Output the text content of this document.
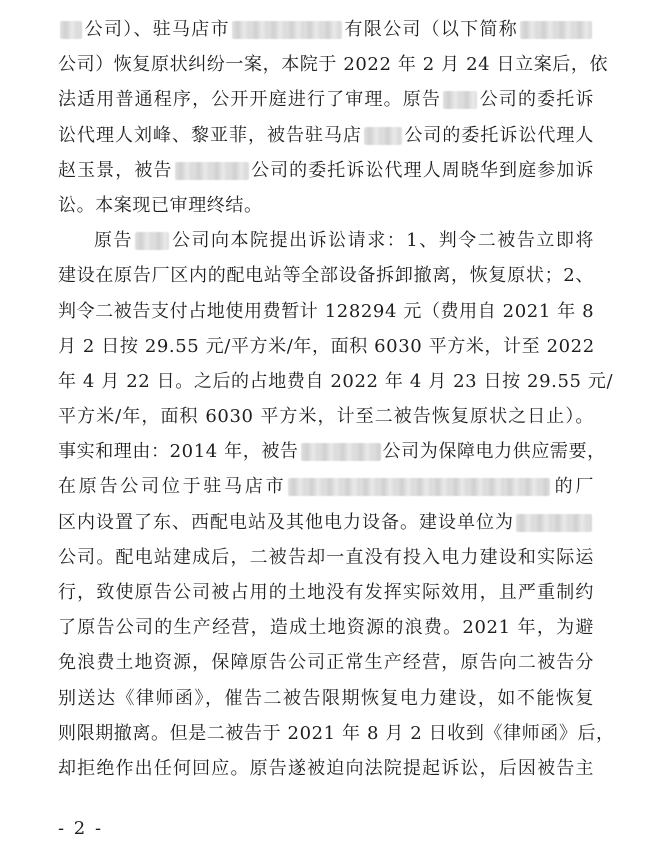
公司）、驻马店市	有限公司（以下简称
公司）恢复原状纠纷一案，本院于 2022 年 2 月 24 日立案后，依
法适用普通程序，公开开庭进行了审理。原告 公司的委托诉
讼代理人刘峰、黎亚菲，被告驻马店 公司的委托诉讼代理人
赵玉景，被告	公司的委托诉讼代理人周晓华到庭参加诉
讼。本案现已审理终结。
原告 公司向本院提出诉讼请求：1、判令二被告立即将
建设在原告厂区内的配电站等全部设备拆卸撤离，恢复原状；2、
判令二被告支付占地使用费暂计 128294 元（费用自 2021 年 8
月 2 日按 29.55 元/平方米/年，面积 6030 平方米，计至 2022
年 4 月 22 日。之后的占地费自 2022 年 4 月 23 日按 29.55 元/
平方米/年，面积 6030 平方米，计至二被告恢复原状之日止）。
事实和理由：2014 年，被告	公司为保障电力供应需要，
在原告公司位于驻马店市	的厂
区内设置了东、西配电站及其他电力设备。建设单位为
公司。配电站建成后，二被告却一直没有投入电力建设和实际运
行，致使原告公司被占用的土地没有发挥实际效用，且严重制约
了原告公司的生产经营，造成土地资源的浪费。2021 年，为避
免浪费土地资源，保障原告公司正常生产经营，原告向二被告分
别送达《律师函》，催告二被告限期恢复电力建设，如不能恢复
则限期撤离。但是二被告于 2021 年 8 月 2 日收到《律师函》后，
却拒绝作出任何回应。原告遂被迫向法院提起诉讼，后因被告主
- 2 -
